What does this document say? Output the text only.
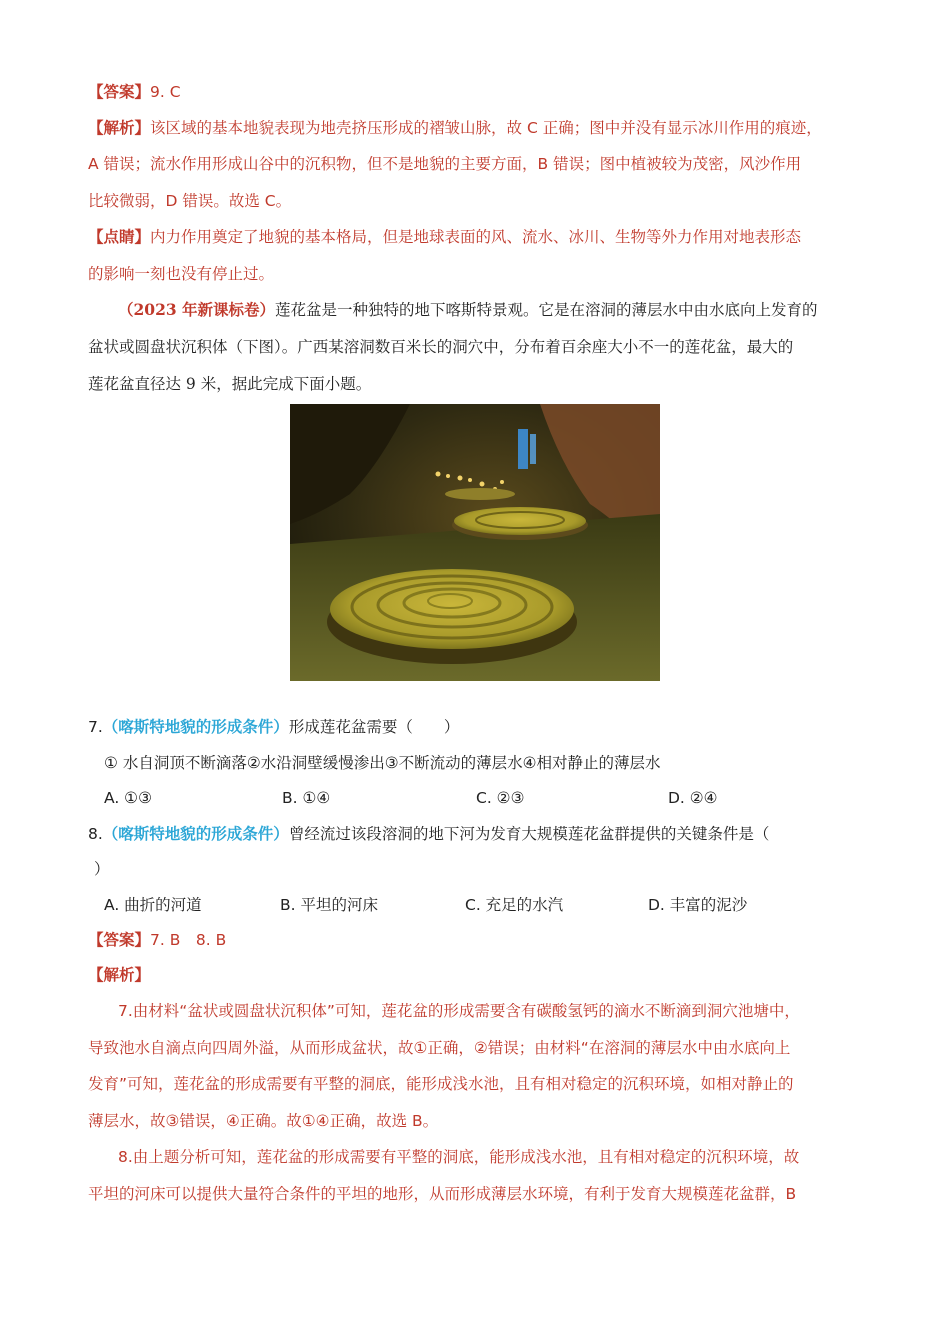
【答案】9. C
【解析】该区域的基本地貌表现为地壳挤压形成的褶皱山脉，故 C 正确；图中并没有显示冰川作用的痕迹，
A 错误；流水作用形成山谷中的沉积物，但不是地貌的主要方面，B 错误；图中植被较为茂密，风沙作用
比较微弱，D 错误。故选 C。
【点睛】内力作用奠定了地貌的基本格局，但是地球表面的风、流水、冰川、生物等外力作用对地表形态
的影响一刻也没有停止过。
（2023 年新课标卷）莲花盆是一种独特的地下喀斯特景观。它是在溶洞的薄层水中由水底向上发育的
盆状或圆盘状沉积体（下图）。广西某溶洞数百米长的洞穴中，分布着百余座大小不一的莲花盆，最大的
莲花盆直径达 9 米，据此完成下面小题。
7.（喀斯特地貌的形成条件）形成莲花盆需要（　　）
① 水自洞顶不断滴落②水沿洞壁缓慢渗出③不断流动的薄层水④相对静止的薄层水
A. ①③	B. ①④	C. ②③	D. ②④
8.（喀斯特地貌的形成条件）曾经流过该段溶洞的地下河为发育大规模莲花盆群提供的关键条件是（
）
A. 曲折的河道	B. 平坦的河床	C. 充足的水汽	D. 丰富的泥沙
【答案】7. B　8. B
【解析】
7.由材料“盆状或圆盘状沉积体”可知，莲花盆的形成需要含有碳酸氢钙的滴水不断滴到洞穴池塘中，
导致池水自滴点向四周外溢，从而形成盆状，故①正确，②错误；由材料“在溶洞的薄层水中由水底向上
发育”可知，莲花盆的形成需要有平整的洞底，能形成浅水池，且有相对稳定的沉积环境，如相对静止的
薄层水，故③错误，④正确。故①④正确，故选 B。
8.由上题分析可知，莲花盆的形成需要有平整的洞底，能形成浅水池，且有相对稳定的沉积环境，故
平坦的河床可以提供大量符合条件的平坦的地形，从而形成薄层水环境，有利于发育大规模莲花盆群，B
